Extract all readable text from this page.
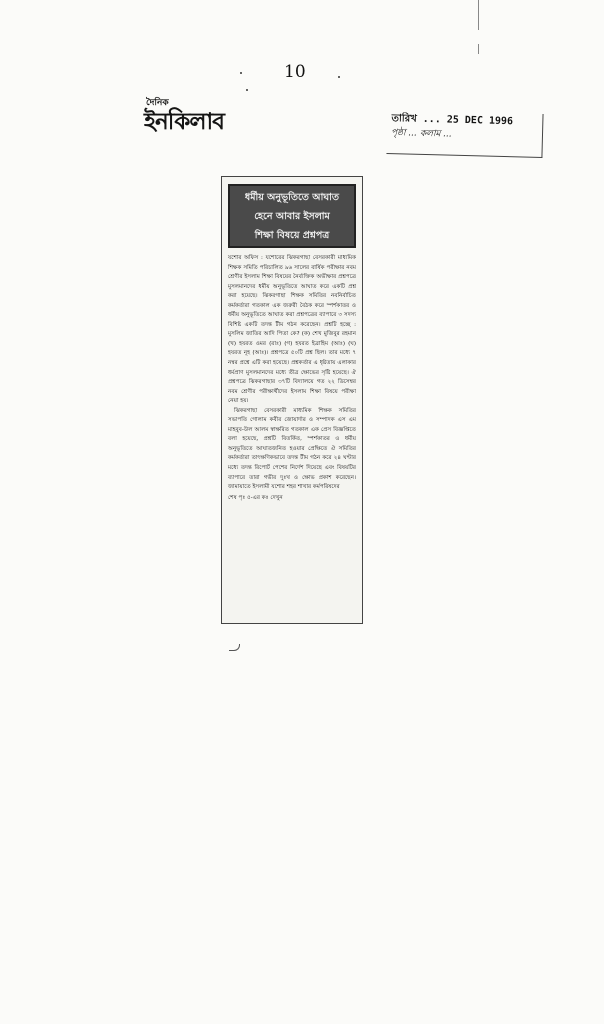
10
দৈনিক
ইনকিলাব	তারিখ ... 25 DEC 1996
পৃষ্ঠা ... কলাম ...
ধর্মীয় অনুভূতিতে আঘাত
হেনে আবার ইসলাম
শিক্ষা বিষয়ে প্রশ্নপত্র

যশোর অফিস : যশোরের ঝিকরগাছা বেসরকারী মাধ্যমিক শিক্ষক সমিতি পরিচালিত ৯৬ সালের বার্ষিক পরীক্ষার নবম শ্রেণীর ইসলাম শিক্ষা বিষয়ের নৈর্ব্যক্তিক অভীক্ষার প্রশ্নপত্রে মুসলমানদের ধর্মীয় অনুভূতিতে আঘাত করে একটি প্রশ্ন করা হয়েছে। ঝিকরগাছা শিক্ষক সমিতির নবনির্বাচিত কর্মকর্তারা গতকাল এক জরুরী বৈঠক করে স্পর্শকাতর ও ধর্মীয় অনুভূতিতে আঘাত করা প্রশ্নপত্রের ব্যাপারে ৩ সদস্য বিশিষ্ট একটি তদন্ত টীম গঠন করেছেন। প্রশ্নটি হচ্ছে : মুসলিম জাতির আদি পিতা কে? (ক) শেখ মুজিবুর রহমান (খ) হযরত ওমর (রাঃ) (গ) হযরত ইব্রাহিম (আঃ) (ঘ) হযরত নূহ (আঃ)। প্রশ্নপত্রে ৫০টি প্রশ্ন ছিল। তার মধ্যে ৭ নম্বর প্রশ্নে এটি করা হয়েছে। প্রশ্নকর্তার এ ধৃষ্টতায় এলাকার ধর্মপ্রাণ মুসলমানদের মধ্যে তীব্র ক্ষোভের সৃষ্টি হয়েছে। ঐ প্রশ্নপত্রে ঝিকরগাছার ৩৭টি বিদ্যালয়ে গত ২২ ডিসেম্বর নবম শ্রেণীর পরীক্ষার্থীদের ইসলাম শিক্ষা বিষয়ে পরীক্ষা নেয়া হয়।

ঝিকরগাছা বেসরকারী মাধ্যমিক শিক্ষক সমিতির সভাপতি গোলাম কবীর জোয়ার্দার ও সম্পাদক এস এম মাহবুব-উল আলম স্বাক্ষরিত গতকাল এক প্রেস বিজ্ঞপ্তিতে বলা হয়েছে, প্রশ্নটি বিতর্কিত, স্পর্শকাতর ও ধর্মীয় অনুভূতিতে আঘাতজনিত হওয়ার প্রেক্ষিতে ঐ সমিতির কর্মকর্তারা তাৎক্ষণিকভাবে তদন্ত টীম গঠন করে ২৪ ঘণ্টার মধ্যে তদন্ত রিপোর্ট পেশের নির্দেশ দিয়েছে এবং বিষয়টির ব্যাপারে তারা গভীর দুঃখ ও ক্ষোভ প্রকাশ করেছেন। জামায়াতে ইসলামী যশোর শহর শাখার কর্মপরিষদের

শেষ পৃঃ ৫-এর কঃ দেখুন
